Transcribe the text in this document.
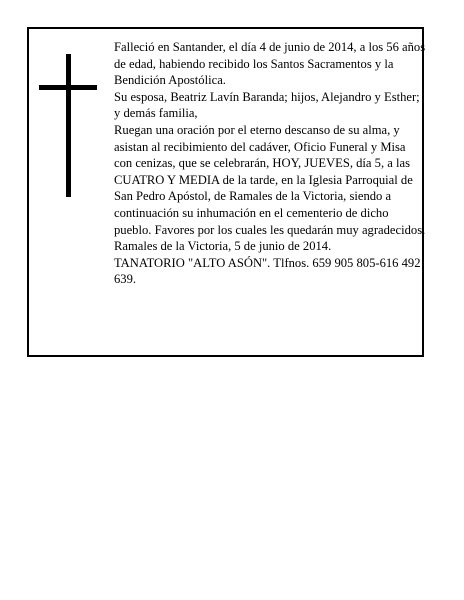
Falleció en Santander, el día 4 de junio de 2014, a los 56 años de edad, habiendo recibido los Santos Sacramentos y la Bendición Apostólica.

Su esposa, Beatriz Lavín Baranda; hijos, Alejandro y Esther; y demás familia,

Ruegan una oración por el eterno descanso de su alma, y asistan al recibimiento del cadáver, Oficio Funeral y Misa con cenizas, que se celebrarán, HOY, JUEVES, día 5, a las CUATRO Y MEDIA de la tarde, en la Iglesia Parroquial de San Pedro Apóstol, de Ramales de la Victoria, siendo a continuación su inhumación en el cementerio de dicho pueblo. Favores por los cuales les quedarán muy agradecidos.

Ramales de la Victoria, 5 de junio de 2014.

TANATORIO "ALTO ASÓN". Tlfnos. 659 905 805-616 492 639.
